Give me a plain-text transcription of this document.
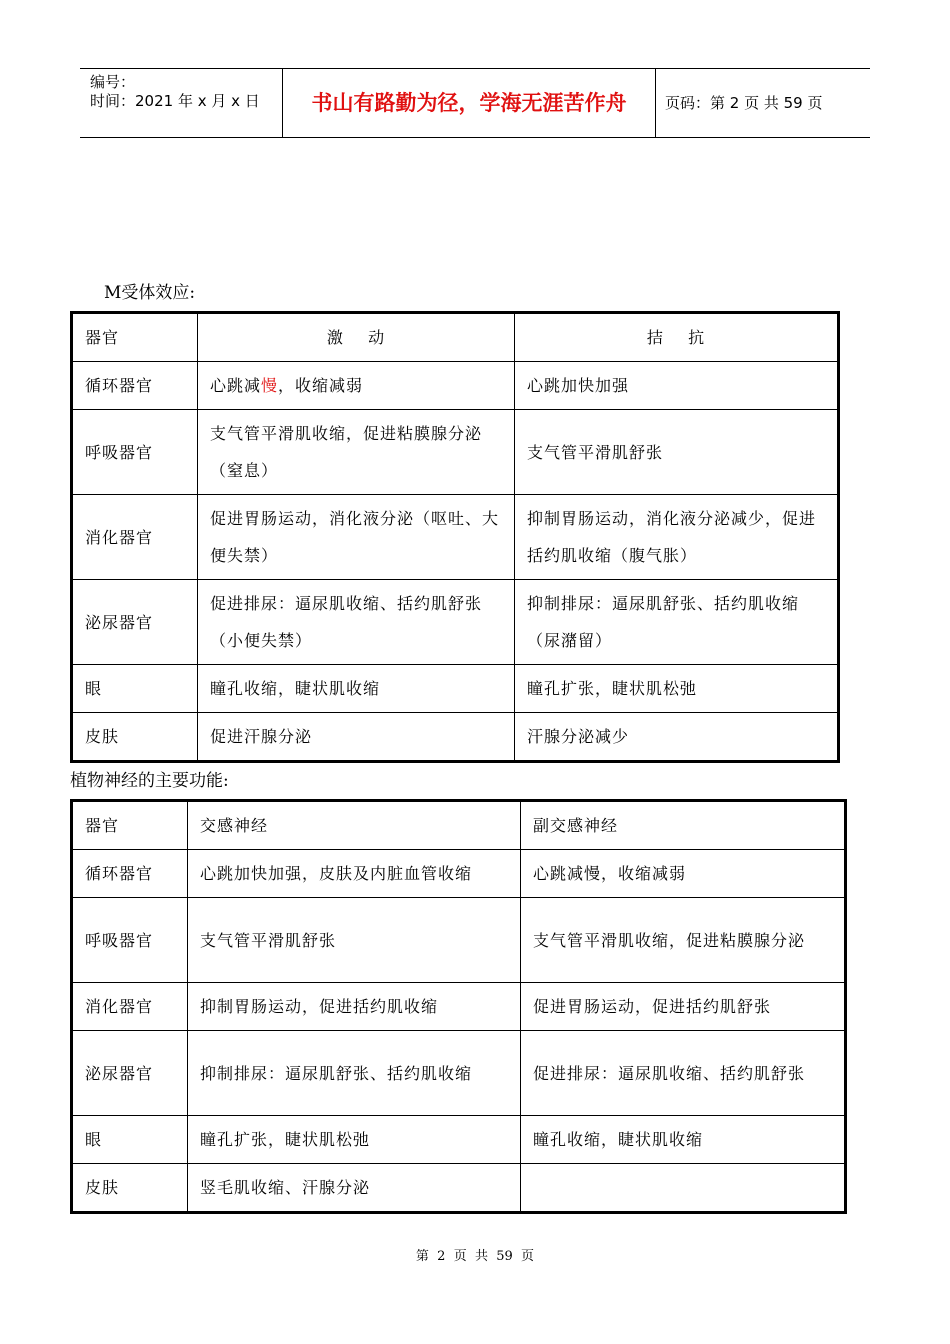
编号：
时间：2021 年 x 月 x 日	书山有路勤为径，学海无涯苦作舟	页码：第 2 页 共 59 页
M受体效应:
器官	激    动	拮    抗
循环器官	心跳减慢，收缩减弱	心跳加快加强
呼吸器官	支气管平滑肌收缩，促进粘膜腺分泌（窒息）	支气管平滑肌舒张
消化器官	促进胃肠运动，消化液分泌（呕吐、大便失禁）	抑制胃肠运动，消化液分泌减少，促进括约肌收缩（腹气胀）
泌尿器官	促进排尿：逼尿肌收缩、括约肌舒张（小便失禁）	抑制排尿：逼尿肌舒张、括约肌收缩（尿潴留）
眼	瞳孔收缩，睫状肌收缩	瞳孔扩张，睫状肌松弛
皮肤	促进汗腺分泌	汗腺分泌减少
植物神经的主要功能:
器官	交感神经	副交感神经
循环器官	心跳加快加强，皮肤及内脏血管收缩	心跳减慢，收缩减弱
呼吸器官	支气管平滑肌舒张	支气管平滑肌收缩，促进粘膜腺分泌
消化器官	抑制胃肠运动，促进括约肌收缩	促进胃肠运动，促进括约肌舒张
泌尿器官	抑制排尿：逼尿肌舒张、括约肌收缩	促进排尿：逼尿肌收缩、括约肌舒张
眼	瞳孔扩张，睫状肌松弛	瞳孔收缩，睫状肌收缩
皮肤	竖毛肌收缩、汗腺分泌	
第  2  页  共  59  页
